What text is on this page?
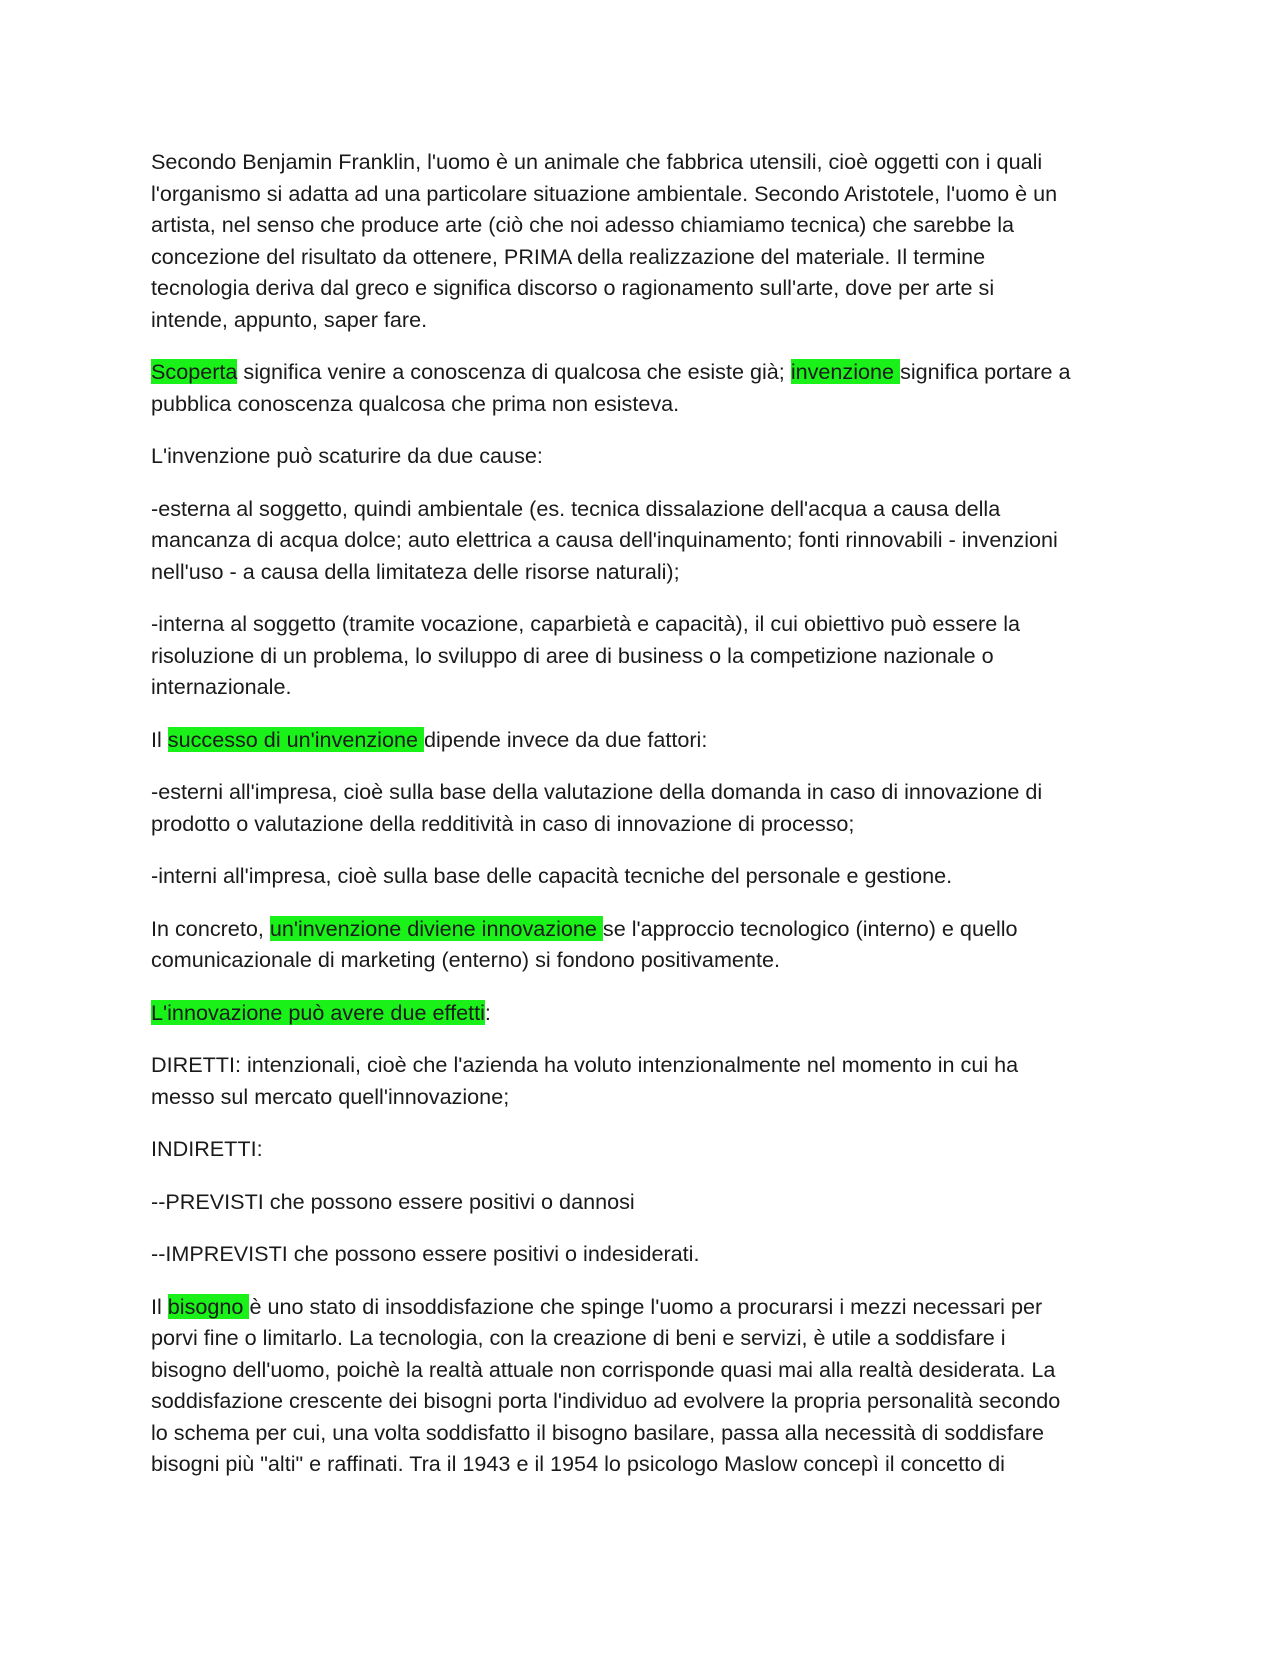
Secondo Benjamin Franklin, l'uomo è un animale che fabbrica utensili, cioè oggetti con i quali
l'organismo si adatta ad una particolare situazione ambientale. Secondo Aristotele, l'uomo è un
artista, nel senso che produce arte (ciò che noi adesso chiamiamo tecnica) che sarebbe la
concezione del risultato da ottenere, PRIMA della realizzazione del materiale. Il termine
tecnologia deriva dal greco e significa discorso o ragionamento sull'arte, dove per arte si
intende, appunto, saper fare.
Scoperta significa venire a conoscenza di qualcosa che esiste già; invenzione significa portare a
pubblica conoscenza qualcosa che prima non esisteva.
L'invenzione può scaturire da due cause:
-esterna al soggetto, quindi ambientale (es. tecnica dissalazione dell'acqua a causa della
mancanza di acqua dolce; auto elettrica a causa dell'inquinamento; fonti rinnovabili - invenzioni
nell'uso - a causa della limitateza delle risorse naturali);
-interna al soggetto (tramite vocazione, caparbietà e capacità), il cui obiettivo può essere la
risoluzione di un problema, lo sviluppo di aree di business o la competizione nazionale o
internazionale.
Il successo di un'invenzione dipende invece da due fattori:
-esterni all'impresa, cioè sulla base della valutazione della domanda in caso di innovazione di
prodotto o valutazione della redditività in caso di innovazione di processo;
-interni all'impresa, cioè sulla base delle capacità tecniche del personale e gestione.
In concreto, un'invenzione diviene innovazione se l'approccio tecnologico (interno) e quello
comunicazionale di marketing (enterno) si fondono positivamente.
L'innovazione può avere due effetti:
DIRETTI: intenzionali, cioè che l'azienda ha voluto intenzionalmente nel momento in cui ha
messo sul mercato quell'innovazione;
INDIRETTI:
--PREVISTI che possono essere positivi o dannosi
--IMPREVISTI che possono essere positivi o indesiderati.
Il bisogno è uno stato di insoddisfazione che spinge l'uomo a procurarsi i mezzi necessari per
porvi fine o limitarlo. La tecnologia, con la creazione di beni e servizi, è utile a soddisfare i
bisogno dell'uomo, poichè la realtà attuale non corrisponde quasi mai alla realtà desiderata. La
soddisfazione crescente dei bisogni porta l'individuo ad evolvere la propria personalità secondo
lo schema per cui, una volta soddisfatto il bisogno basilare, passa alla necessità di soddisfare
bisogni più "alti" e raffinati. Tra il 1943 e il 1954 lo psicologo Maslow concepì il concetto di
